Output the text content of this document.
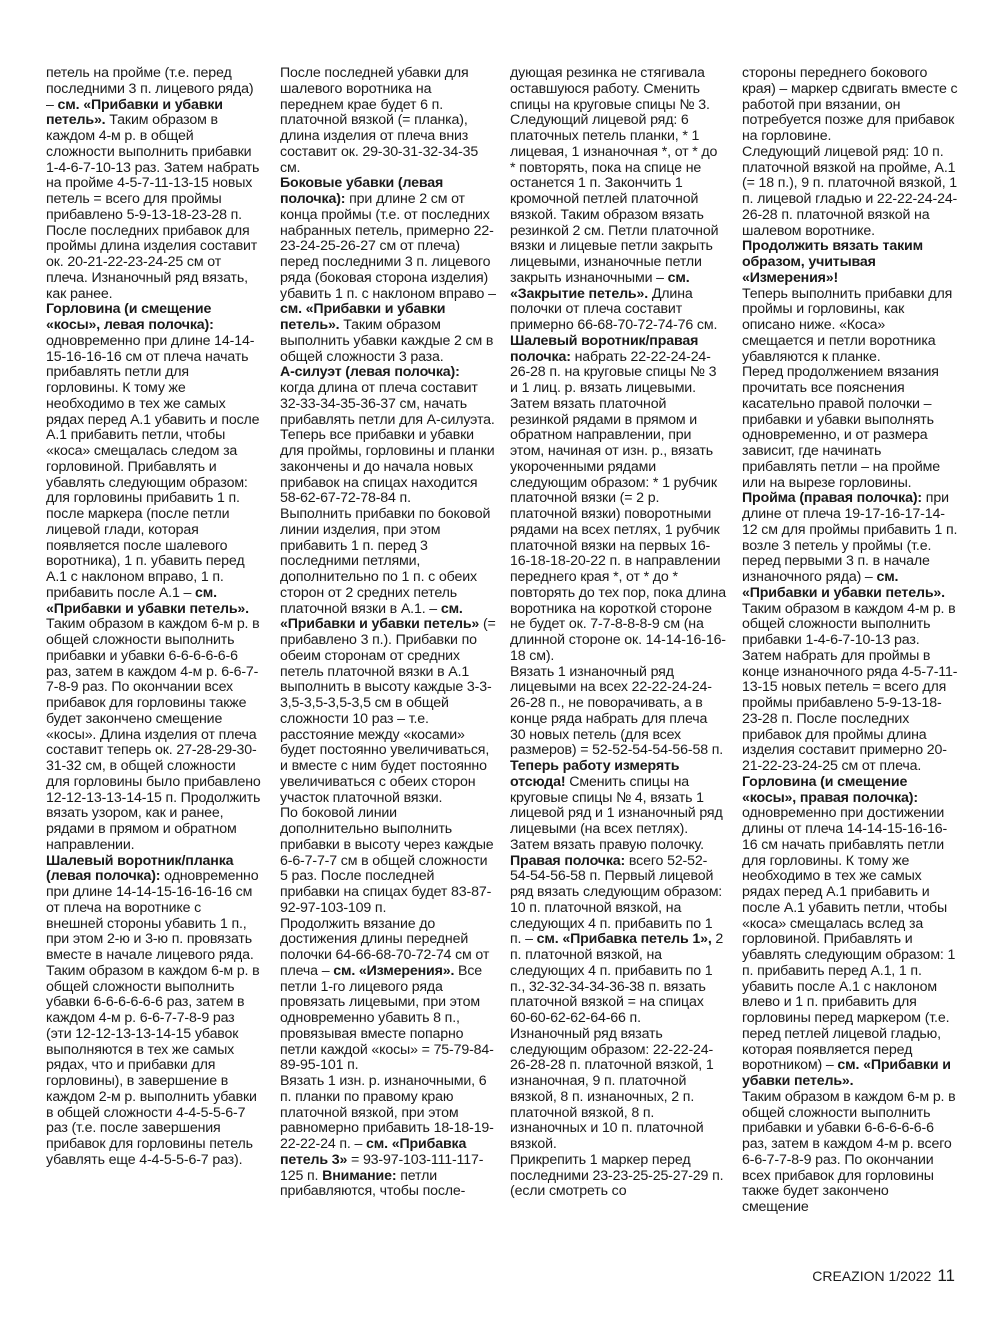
петель на пройме (т.е. перед последними 3 п. лицевого ряда) – см. «Прибавки и убавки петель». Таким образом в каждом 4-м р. в общей сложности выполнить прибавки 1-4-6-7-10-13 раз. Затем набрать на пройме 4-5-7-11-13-15 новых петель = всего для проймы прибавлено 5-9-13-18-23-28 п. После последних прибавок для проймы длина изделия составит ок. 20-21-22-23-24-25 см от плеча. Изнаночный ряд вязать, как ранее.
Горловина (и смещение «косы», левая полочка): одновременно при длине 14-14-15-16-16-16 см от плеча начать прибавлять петли для горловины. К тому же необходимо в тех же самых рядах перед А.1 убавить и после А.1 прибавить петли, чтобы «коса» смещалась следом за горловиной. Прибавлять и убавлять следующим образом: для горловины прибавить 1 п. после маркера (после петли лицевой глади, которая появляется после шалевого воротника), 1 п. убавить перед А.1 с наклоном вправо, 1 п. прибавить после А.1 – см. «Прибавки и убавки петель».
Таким образом в каждом 6-м р. в общей сложности выполнить прибавки и убавки 6-6-6-6-6-6 раз, затем в каждом 4-м р. 6-6-7-7-8-9 раз. По окончании всех прибавок для горловины также будет закончено смещение «косы». Длина изделия от плеча составит теперь ок. 27-28-29-30-31-32 см, в общей сложности для горловины было прибавлено 12-12-13-13-14-15 п. Продолжить вязать узором, как и ранее, рядами в прямом и обратном направлении.
Шалевый воротник/планка (левая полочка): одновременно при длине 14-14-15-16-16-16 см от плеча на воротнике с внешней стороны убавить 1 п., при этом 2-ю и 3-ю п. провязать вместе в начале лицевого ряда. Таким образом в каждом 6-м р. в общей сложности выполнить убавки 6-6-6-6-6-6 раз, затем в каждом 4-м р. 6-6-7-7-8-9 раз (эти 12-12-13-13-14-15 убавок выполняются в тех же самых рядах, что и прибавки для горловины), в завершение в каждом 2-м р. выполнить убавки в общей сложности 4-4-5-5-6-7 раз (т.е. после завершения прибавок для горловины петель убавлять еще 4-4-5-5-6-7 раз).
После последней убавки для шалевого воротника на переднем крае будет 6 п. платочной вязкой (= планка), длина изделия от плеча вниз составит ок. 29-30-31-32-34-35 см.
Боковые убавки (левая полочка): при длине 2 см от конца проймы (т.е. от последних набранных петель, примерно 22-23-24-25-26-27 см от плеча) перед последними 3 п. лицевого ряда (боковая сторона изделия) убавить 1 п. с наклоном вправо – см. «Прибавки и убавки петель». Таким образом выполнить убавки каждые 2 см в общей сложности 3 раза.
А-силуэт (левая полочка): когда длина от плеча составит 32-33-34-35-36-37 см, начать прибавлять петли для А-силуэта. Теперь все прибавки и убавки для проймы, горловины и планки закончены и до начала новых прибавок на спицах находится 58-62-67-72-78-84 п.
Выполнить прибавки по боковой линии изделия, при этом прибавить 1 п. перед 3 последними петлями, дополнительно по 1 п. с обеих сторон от 2 средних петель платочной вязки в А.1. – см. «Прибавки и убавки петель» (= прибавлено 3 п.). Прибавки по обеим сторонам от средних петель платочной вязки в А.1 выполнить в высоту каждые 3-3-3,5-3,5-3,5-3,5 см в общей сложности 10 раз – т.е. расстояние между «косами» будет постоянно увеличиваться, и вместе с ним будет постоянно увеличиваться с обеих сторон участок платочной вязки.
По боковой линии дополнительно выполнить прибавки в высоту через каждые 6-6-7-7-7 см в общей сложности 5 раз. После последней прибавки на спицах будет 83-87-92-97-103-109 п.
Продолжить вязание до достижения длины передней полочки 64-66-68-70-72-74 см от плеча – см. «Измерения». Все петли 1-го лицевого ряда провязать лицевыми, при этом одновременно убавить 8 п., провязывая вместе попарно петли каждой «косы» = 75-79-84-89-95-101 п.
Вязать 1 изн. р. изнаночными, 6 п. планки по правому краю платочной вязкой, при этом равномерно прибавить 18-18-19-22-22-24 п. – см. «Прибавка петель 3» = 93-97-103-111-117-125 п. Внимание: петли прибавляются, чтобы после-
дующая резинка не стягивала оставшуюся работу. Сменить спицы на круговые спицы № 3. Следующий лицевой ряд: 6 платочных петель планки, * 1 лицевая, 1 изнаночная *, от * до * повторять, пока на спице не останется 1 п. Закончить 1 кромочной петлей платочной вязкой. Таким образом вязать резинкой 2 см. Петли платочной вязки и лицевые петли закрыть лицевыми, изнаночные петли закрыть изнаночными – см. «Закрытие петель». Длина полочки от плеча составит примерно 66-68-70-72-74-76 см.
Шалевый воротник/правая полочка: набрать 22-22-24-24-26-28 п. на круговые спицы № 3 и 1 лиц. р. вязать лицевыми. Затем вязать платочной резинкой рядами в прямом и обратном направлении, при этом, начиная от изн. р., вязать укороченными рядами следующим образом: * 1 рубчик платочной вязки (= 2 р. платочной вязки) поворотными рядами на всех петлях, 1 рубчик платочной вязки на первых 16-16-18-18-20-22 п. в направлении переднего края *, от * до * повторять до тех пор, пока длина воротника на короткой стороне не будет ок. 7-7-8-8-8-9 см (на длинной стороне ок. 14-14-16-16-18 см).
Вязать 1 изнаночный ряд лицевыми на всех 22-22-24-24-26-28 п., не поворачивать, а в конце ряда набрать для плеча 30 новых петель (для всех размеров) = 52-52-54-54-56-58 п. Теперь работу измерять отсюда! Сменить спицы на круговые спицы № 4, вязать 1 лицевой ряд и 1 изнаночный ряд лицевыми (на всех петлях). Затем вязать правую полочку.
Правая полочка: всего 52-52-54-54-56-58 п. Первый лицевой ряд вязать следующим образом: 10 п. платочной вязкой, на следующих 4 п. прибавить по 1 п. – см. «Прибавка петель 1», 2 п. платочной вязкой, на следующих 4 п. прибавить по 1 п., 32-32-34-34-36-38 п. вязать платочной вязкой = на спицах 60-60-62-62-64-66 п.
Изнаночный ряд вязать следующим образом: 22-22-24-26-28-28 п. платочной вязкой, 1 изнаночная, 9 п. платочной вязкой, 8 п. изнаночных, 2 п. платочной вязкой, 8 п. изнаночных и 10 п. платочной вязкой.
Прикрепить 1 маркер перед последними 23-23-25-25-27-29 п. (если смотреть со
стороны переднего бокового края) – маркер сдвигать вместе с работой при вязании, он потребуется позже для прибавок на горловине.
Следующий лицевой ряд: 10 п. платочной вязкой на пройме, А.1 (= 18 п.), 9 п. платочной вязкой, 1 п. лицевой гладью и 22-22-24-24-26-28 п. платочной вязкой на шалевом воротнике. Продолжить вязать таким образом, учитывая «Измерения»!
Теперь выполнить прибавки для проймы и горловины, как описано ниже. «Коса» смещается и петли воротника убавляются к планке.
Перед продолжением вязания прочитать все пояснения касательно правой полочки – прибавки и убавки выполнять одновременно, и от размера зависит, где начинать прибавлять петли – на пройме или на вырезе горловины.
Пройма (правая полочка): при длине от плеча 19-17-16-17-14-12 см для проймы прибавить 1 п. возле 3 петель у проймы (т.е. перед первыми 3 п. в начале изнаночного ряда) – см. «Прибавки и убавки петель». Таким образом в каждом 4-м р. в общей сложности выполнить прибавки 1-4-6-7-10-13 раз. Затем набрать для проймы в конце изнаночного ряда 4-5-7-11-13-15 новых петель = всего для проймы прибавлено 5-9-13-18-23-28 п. После последних прибавок для проймы длина изделия составит примерно 20-21-22-23-24-25 см от плеча.
Горловина (и смещение «косы», правая полочка): одновременно при достижении длины от плеча 14-14-15-16-16-16 см начать прибавлять петли для горловины. К тому же необходимо в тех же самых рядах перед А.1 прибавить и после А.1 убавить петли, чтобы «коса» смещалась вслед за горловиной. Прибавлять и убавлять следующим образом: 1 п. прибавить перед А.1, 1 п. убавить после А.1 с наклоном влево и 1 п. прибавить для горловины перед маркером (т.е. перед петлей лицевой гладью, которая появляется перед воротником) – см. «Прибавки и убавки петель».
Таким образом в каждом 6-м р. в общей сложности выполнить прибавки и убавки 6-6-6-6-6-6 раз, затем в каждом 4-м р. всего 6-6-7-7-8-9 раз. По окончании всех прибавок для горловины также будет закончено смещение
CREAZION 1/2022 11
